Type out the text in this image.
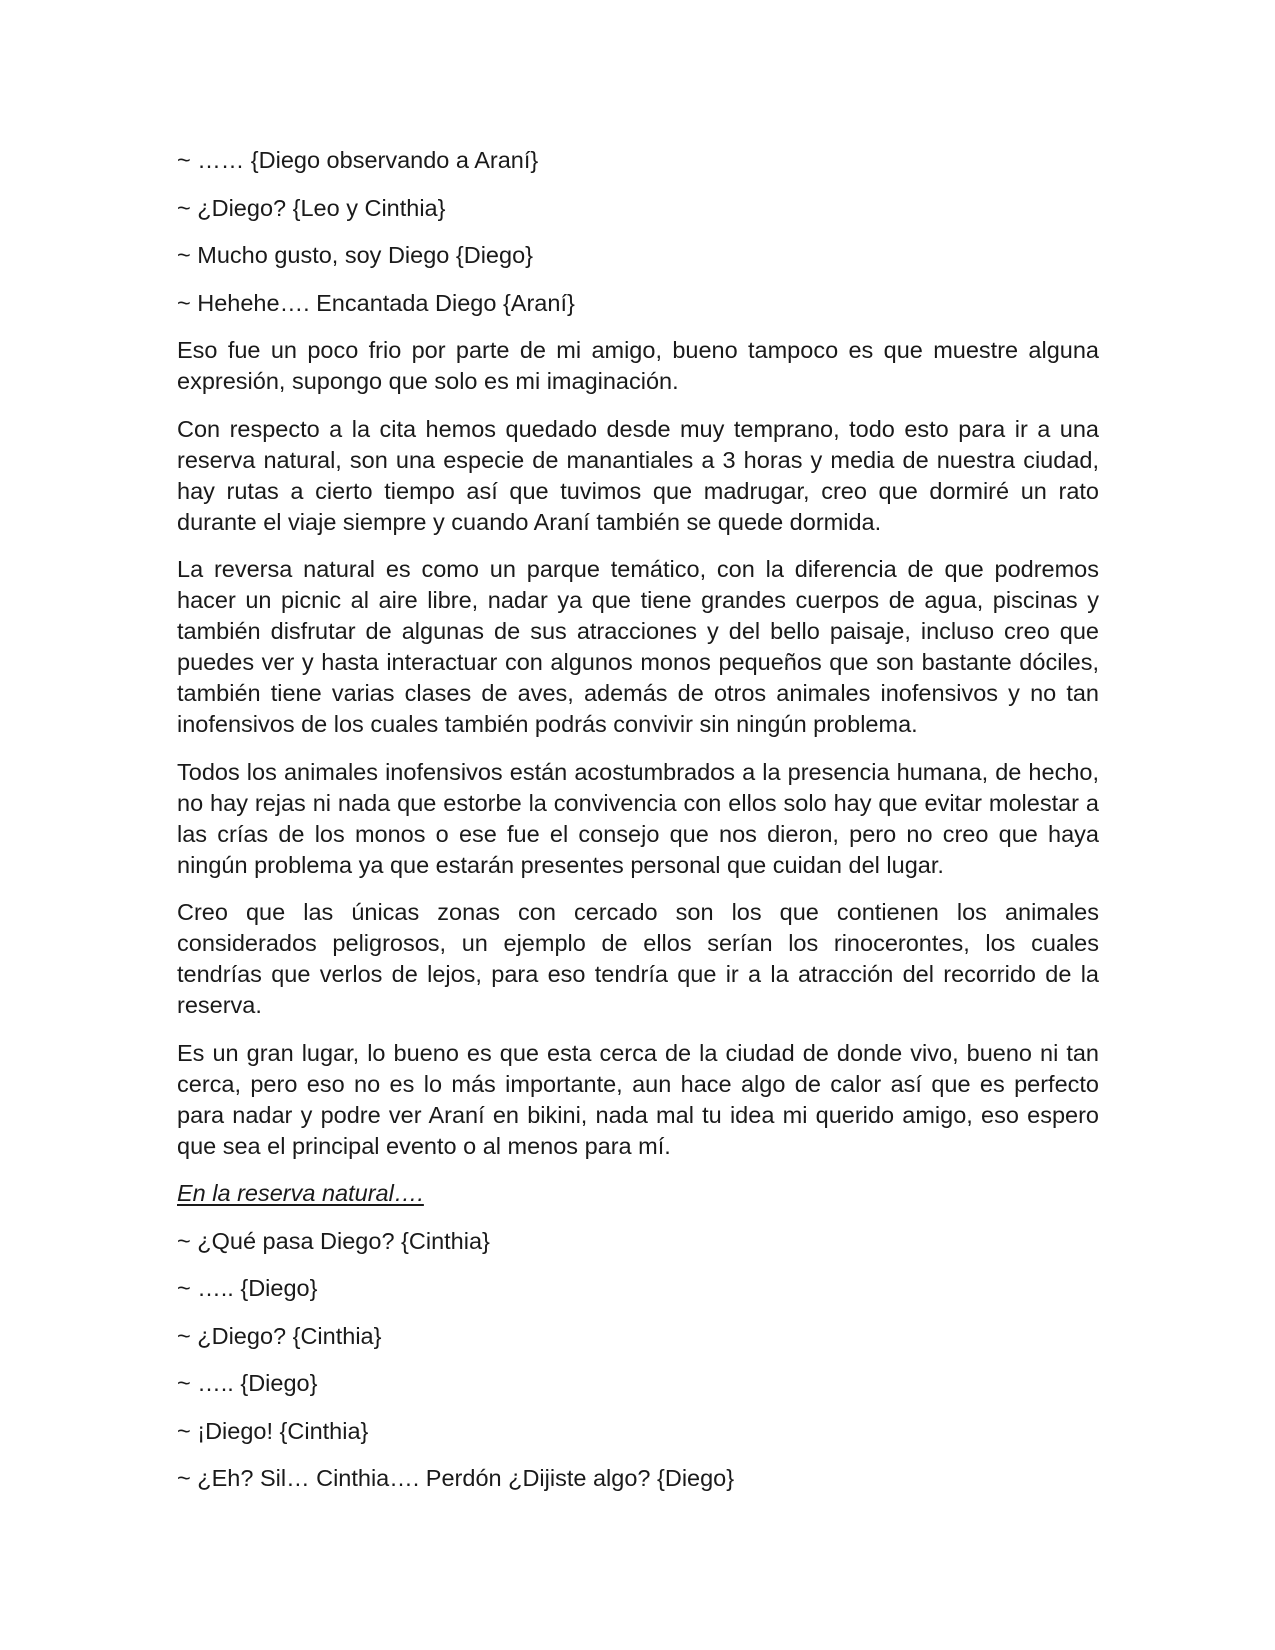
~ …… {Diego observando a Araní}

~ ¿Diego? {Leo y Cinthia}

~ Mucho gusto, soy Diego {Diego}

~ Hehehe…. Encantada Diego {Araní}

Eso fue un poco frio por parte de mi amigo, bueno tampoco es que muestre alguna expresión, supongo que solo es mi imaginación.

Con respecto a la cita hemos quedado desde muy temprano, todo esto para ir a una reserva natural, son una especie de manantiales a 3 horas y media de nuestra ciudad, hay rutas a cierto tiempo así que tuvimos que madrugar, creo que dormiré un rato durante el viaje siempre y cuando Araní también se quede dormida.

La reversa natural es como un parque temático, con la diferencia de que podremos hacer un picnic al aire libre, nadar ya que tiene grandes cuerpos de agua, piscinas y también disfrutar de algunas de sus atracciones y del bello paisaje, incluso creo que puedes ver y hasta interactuar con algunos monos pequeños que son bastante dóciles, también tiene varias clases de aves, además de otros animales inofensivos y no tan inofensivos de los cuales también podrás convivir sin ningún problema.

Todos los animales inofensivos están acostumbrados a la presencia humana, de hecho, no hay rejas ni nada que estorbe la convivencia con ellos solo hay que evitar molestar a las crías de los monos o ese fue el consejo que nos dieron, pero no creo que haya ningún problema ya que estarán presentes personal que cuidan del lugar.

Creo que las únicas zonas con cercado son los que contienen los animales considerados peligrosos, un ejemplo de ellos serían los rinocerontes, los cuales tendrías que verlos de lejos, para eso tendría que ir a la atracción del recorrido de la reserva.

Es un gran lugar, lo bueno es que esta cerca de la ciudad de donde vivo, bueno ni tan cerca, pero eso no es lo más importante, aun hace algo de calor así que es perfecto para nadar y podre ver Araní en bikini, nada mal tu idea mi querido amigo, eso espero que sea el principal evento o al menos para mí.

En la reserva natural….

~ ¿Qué pasa Diego? {Cinthia}

~ ….. {Diego}

~ ¿Diego? {Cinthia}

~ ….. {Diego}

~ ¡Diego! {Cinthia}

~ ¿Eh? Sil… Cinthia…. Perdón ¿Dijiste algo? {Diego}
